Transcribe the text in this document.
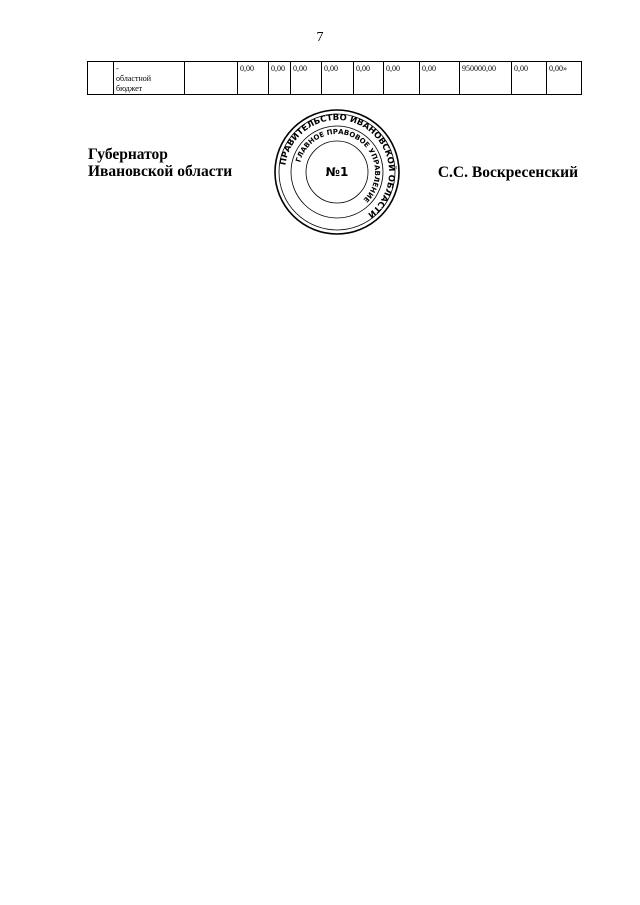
7

-
областной
бюджет
		0,00	0,00	0,00	0,00	0,00	0,00	0,00	950000,00	0,00	0,00»
Губернатор
Ивановской области	С.С. Воскресенский
ПРАВИТЕЛЬСТВО ИВАНОВСКОЙ ОБЛАСТИ
ГЛАВНОЕ ПРАВОВОЕ УПРАВЛЕНИЕ
№1
